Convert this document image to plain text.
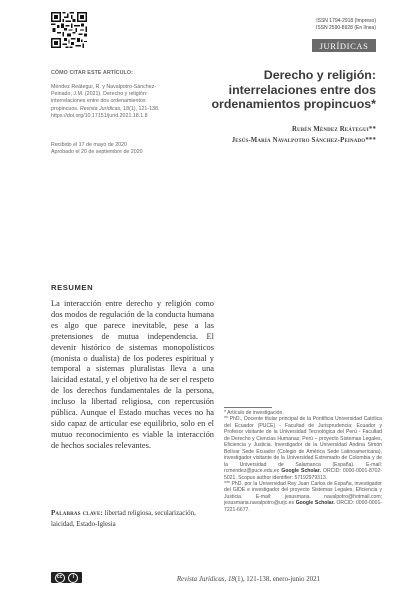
ISSN 1794-2918 (Impreso)
ISSN 2590-8928 (En línea)
JURÍDICAS
CÓMO CITAR ESTE ARTÍCULO:
Méndez Reátegui, R. y Navalpotro-Sánchez-Peinado, J.M. (2021). Derecho y religión: interrelaciones entre dos ordenamientos propincuos. Revista Jurídicas, 18(1), 121-138. https://doi.org/10.17151/jurid.2021.18.1.8
Recibido el 17 de mayo de 2020
Aprobado el 20 de septiembre de 2020
Derecho y religión: interrelaciones entre dos ordenamientos propincuos*
Rubén Méndez Reátegui**
Jesús-María Navalpotro Sánchez-Peinado***
RESUMEN
La interacción entre derecho y religión como dos modos de regulación de la conducta humana es algo que parece inevitable, pese a las pretensiones de mutua independencia. El devenir histórico de sistemas monopolísticos (monista o dualista) de los poderes espiritual y temporal a sistemas pluralistas lleva a una laicidad estatal, y el objetivo ha de ser el respeto de los derechos fundamentales de la persona, incluso la libertad religiosa, con repercusión pública. Aunque el Estado muchas veces no ha sido capaz de articular ese equilibrio, solo en el mutuo reconocimiento es viable la interacción de hechos sociales relevantes.
Palabras clave: libertad religiosa, secularización, laicidad, Estado-Iglesia

* Artículo de investigación.

** PhD., Docente titular principal de la Pontificia Universidad Católica del Ecuador (PUCE) - Facultad de Jurisprudencia; Ecuador y Profesor visitante de la Universidad Tecnológica del Perú - Facultad de Derecho y Ciencias Humanas; Perú – proyecto Sistemas Legales, Eficiencia y Justicia. Investigador de la Universidad Andina Simón Bolívar Sede Ecuador (Colegio de América Sede Latinoamericana), investigador visitante de la Universidad Extremado de Colombia y de la Universidad de Salamanca (España). E-mail: rcmendez@puce.edu.ec Google Scholar. ORCID: 0000-0001-8702-5021. Scopus author identifier: 57192979313.

*** PhD. por la Universidad Rey Juan Carlos de España, investigador del GIDE e investigador del proyecto Sistemas Legales, Eficiencia y Justicia. E-mail: jesusmaria. navalpotro@hotmail.com; jesusmaria.navalpotro@urjc.es Google Scholar. ORCID: 0000-0001-7221-6677.

cc	i	Revista Jurídicas, 18(1), 121-138, enero-junio 2021
